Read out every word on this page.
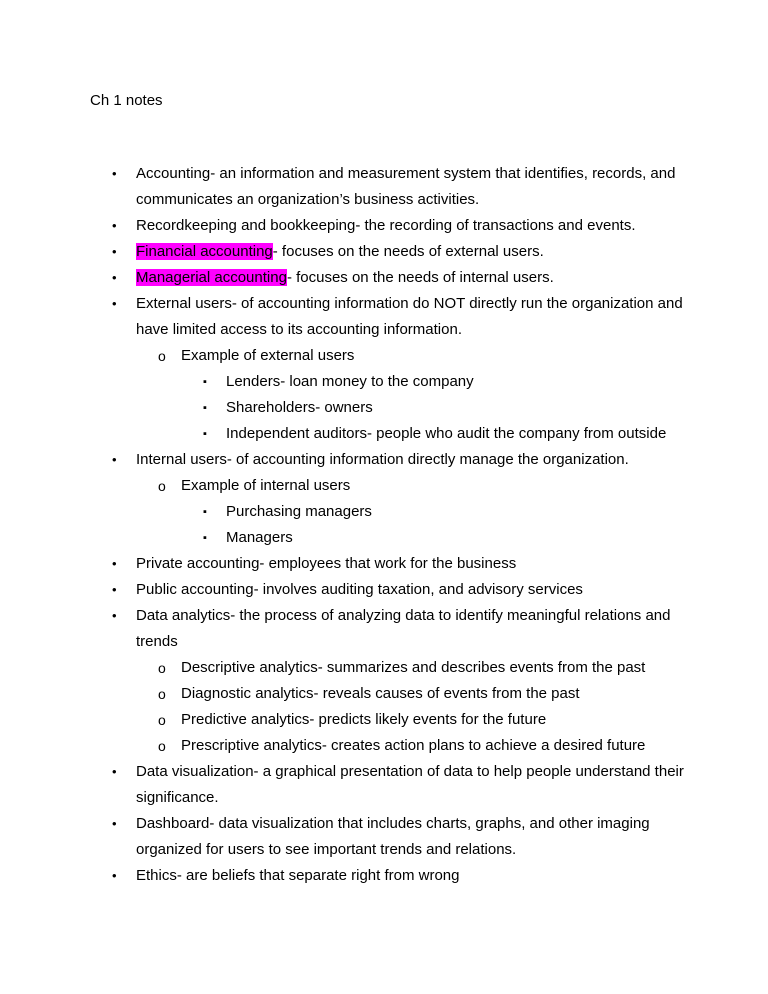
Ch 1 notes

• Accounting- an information and measurement system that identifies, records, and communicates an organization’s business activities.
• Recordkeeping and bookkeeping- the recording of transactions and events.
• Financial accounting- focuses on the needs of external users.
• Managerial accounting- focuses on the needs of internal users.
• External users- of accounting information do NOT directly run the organization and have limited access to its accounting information.
o Example of external users
▪ Lenders- loan money to the company
▪ Shareholders- owners
▪ Independent auditors- people who audit the company from outside
• Internal users- of accounting information directly manage the organization.
o Example of internal users
▪ Purchasing managers
▪ Managers
• Private accounting- employees that work for the business
• Public accounting- involves auditing taxation, and advisory services
• Data analytics- the process of analyzing data to identify meaningful relations and trends
o Descriptive analytics- summarizes and describes events from the past
o Diagnostic analytics- reveals causes of events from the past
o Predictive analytics- predicts likely events for the future
o Prescriptive analytics- creates action plans to achieve a desired future
• Data visualization- a graphical presentation of data to help people understand their significance.
• Dashboard- data visualization that includes charts, graphs, and other imaging organized for users to see important trends and relations.
• Ethics- are beliefs that separate right from wrong
